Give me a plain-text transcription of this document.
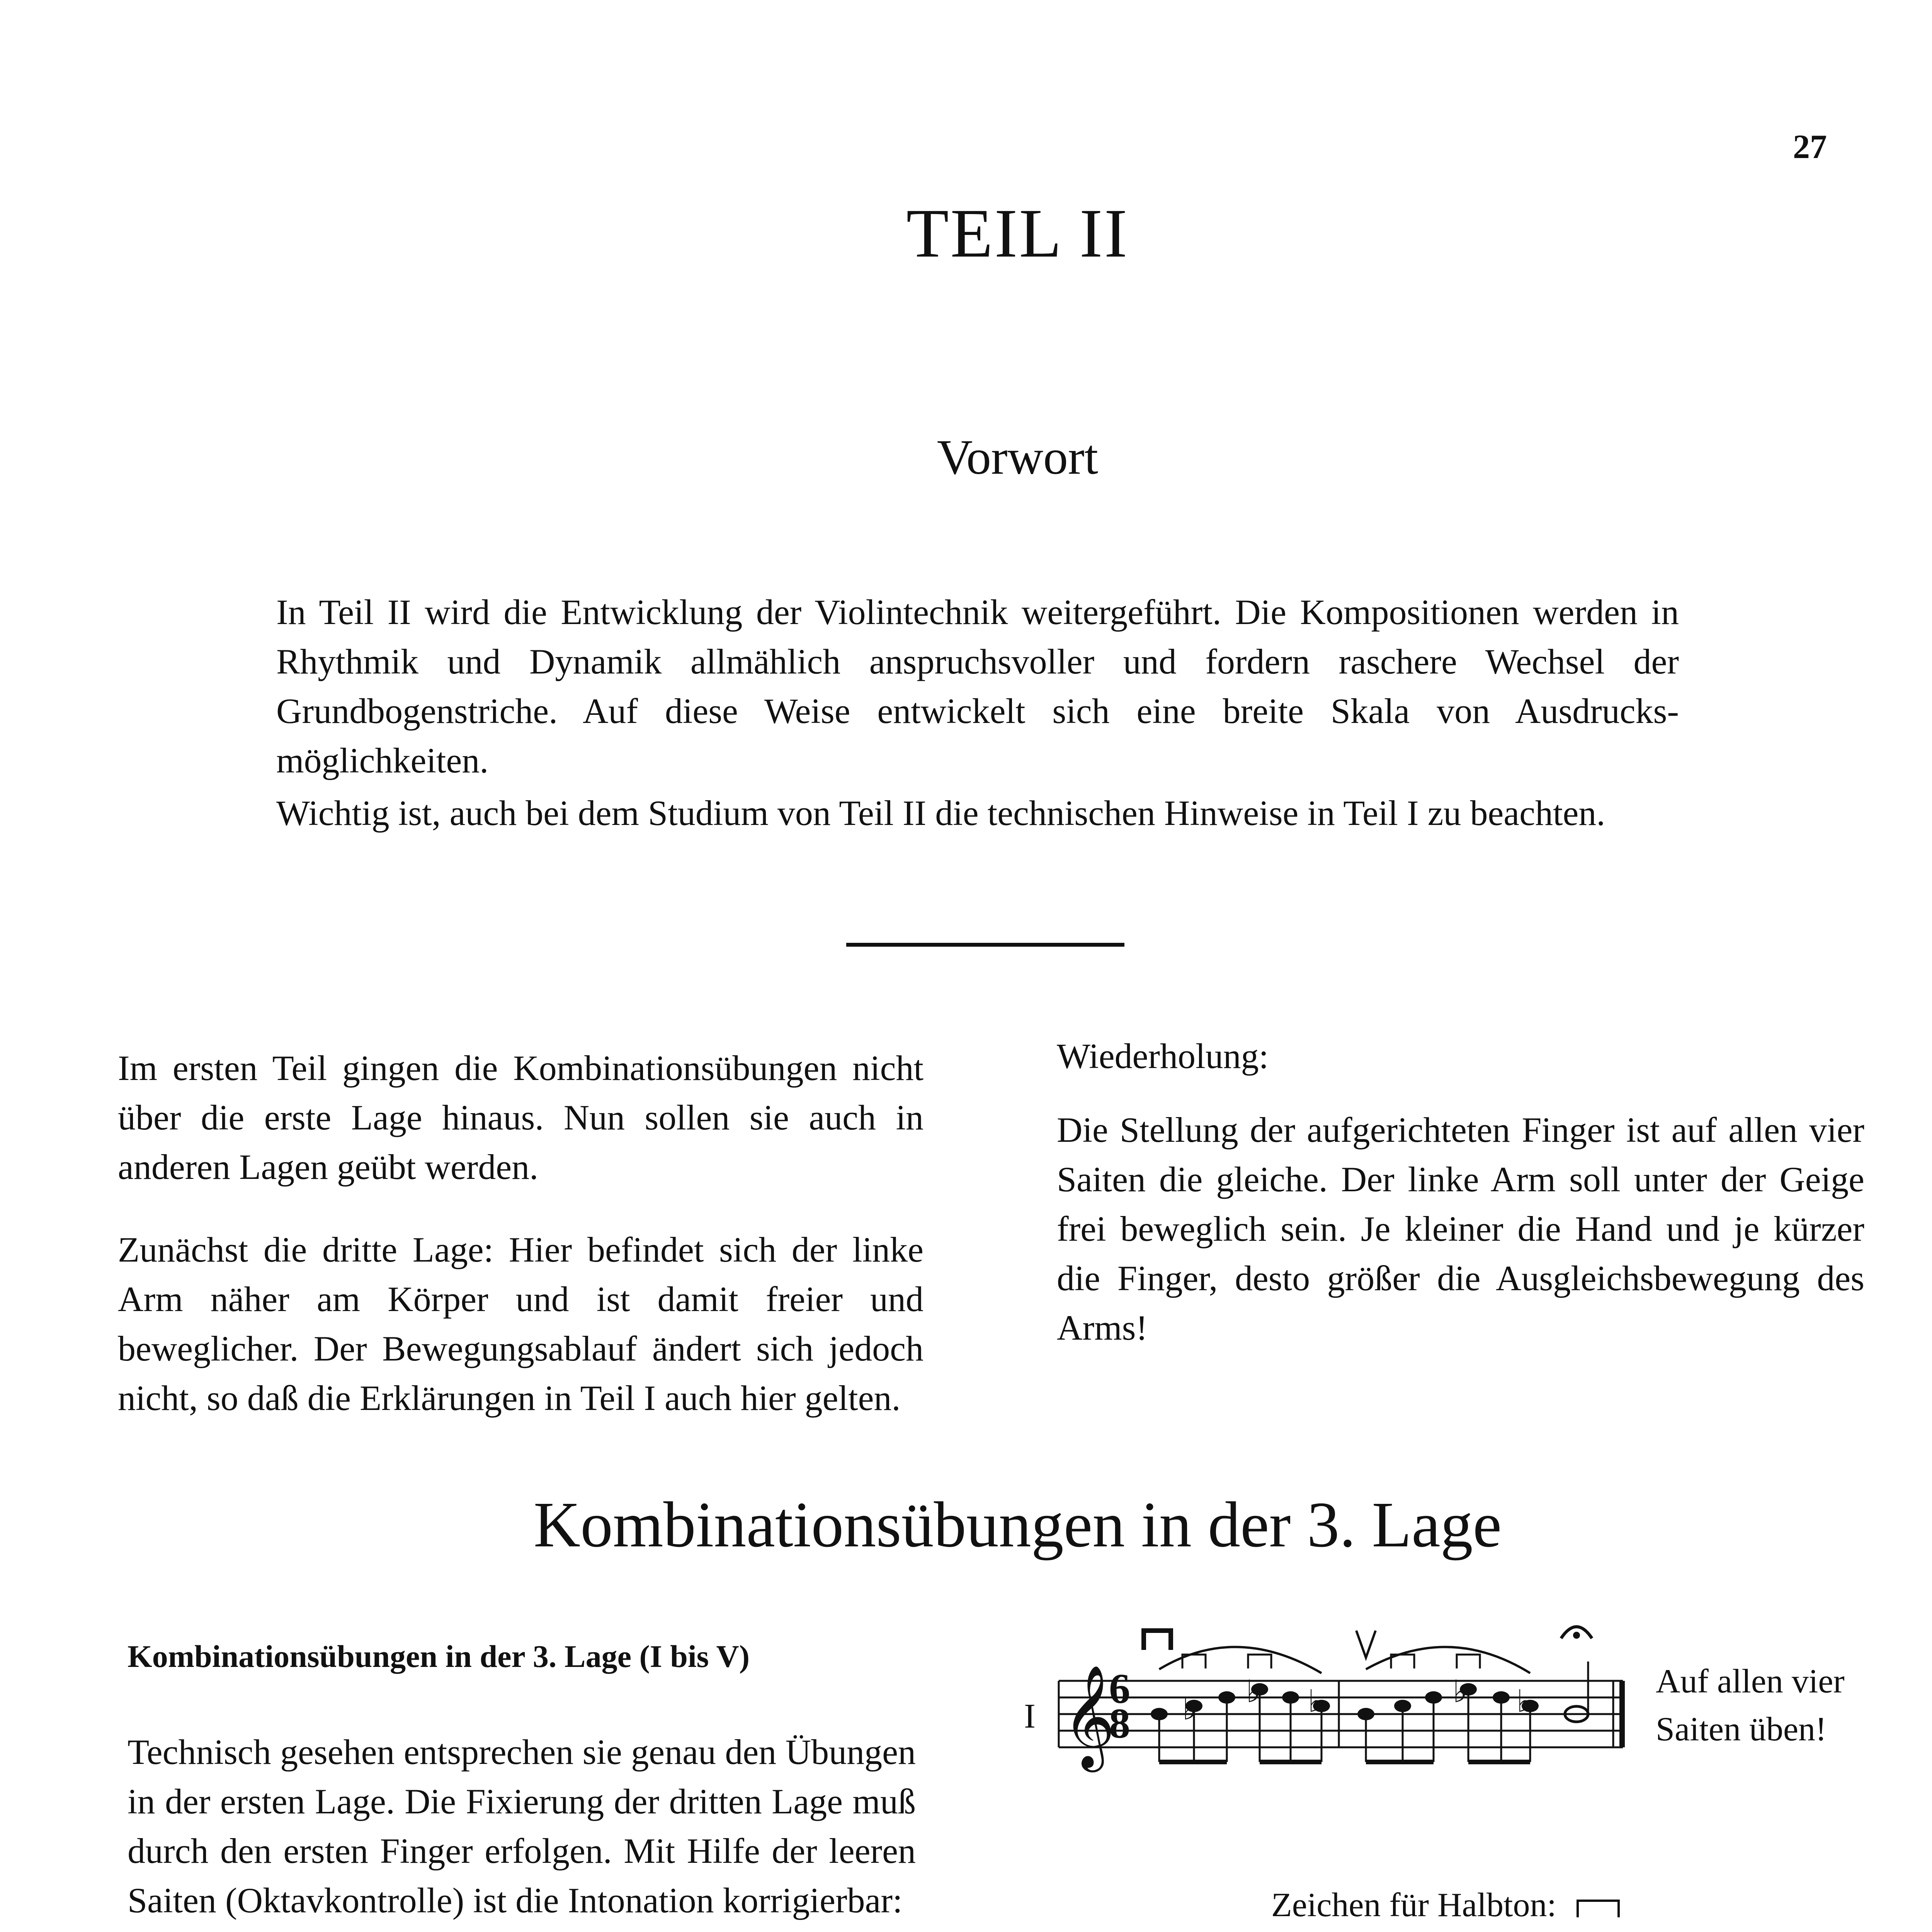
27
TEIL II
Vorwort
In Teil II wird die Entwicklung der Violintechnik weitergeführt. Die Kompositionen werden in Rhythmik und Dynamik allmählich anspruchsvoller und fordern raschere Wechsel der Grundbogenstriche. Auf diese Weise entwickelt sich eine breite Skala von Ausdrucks-möglichkeiten.
Wichtig ist, auch bei dem Studium von Teil II die technischen Hinweise in Teil I zu beachten.
Im ersten Teil gingen die Kombinationsübungen nicht über die erste Lage hinaus. Nun sollen sie auch in anderen Lagen geübt werden.
Zunächst die dritte Lage: Hier befindet sich der linke Arm näher am Körper und ist damit freier und beweglicher. Der Bewegungsablauf ändert sich jedoch nicht, so daß die Erklärungen in Teil I auch hier gelten.
Wiederholung:
Die Stellung der aufgerichteten Finger ist auf allen vier Saiten die gleiche. Der linke Arm soll unter der Geige frei beweglich sein. Je kleiner die Hand und je kürzer die Finger, desto größer die Ausgleichsbewegung des Arms!
Kombinationsübungen in der 3. Lage
Kombinationsübungen in der 3. Lage (I bis V)
Technisch gesehen entsprechen sie genau den Übungen in der ersten Lage. Die Fixierung der dritten Lage muß durch den ersten Finger erfolgen. Mit Hilfe der leeren Saiten (Oktavkontrolle) ist die Intonation korrigierbar:
I 𝄞 ♭ ♭ ♭	♭ ♭
6
8
Auf allen vier Saiten üben!
Zeichen für Halbton:
